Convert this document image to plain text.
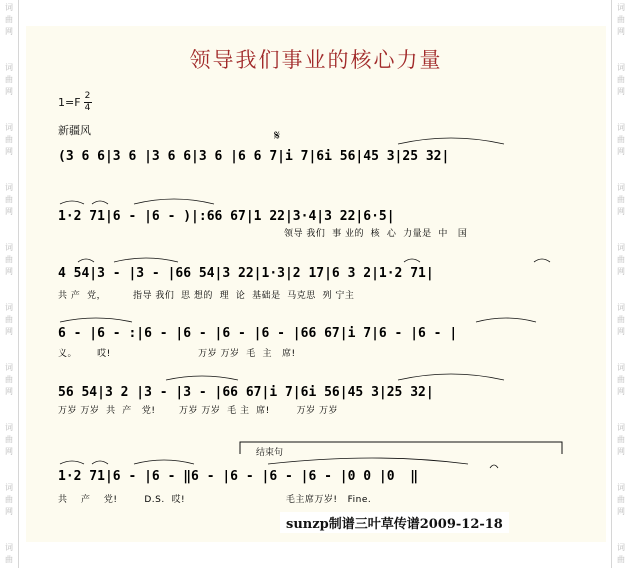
词
曲
网
词
曲
网
词
曲
网
词
曲
网
词
曲
网
词
曲
网
词
曲
网
词
曲
网
词
曲
网
词
曲
词
曲
网
词
曲
网
词
曲
网
词
曲
网
词
曲
网
词
曲
网
词
曲
网
词
曲
网
词
曲
网
词
曲
领导我们事业的核心力量
$1=F \frac{2}{4}$
新疆风	𝄋
(3 6 6|3 6 |3 6 6|3 6 |6 6 7|i 7|6i 56|45 3|25 32|
1·2 71|6 - |6 - )|:66 67|1 22|3·4|3 22|6·5|
领导 我们  事 业的  核  心  力量是  中   国
4 54|3 - |3 - |66 54|3 22|1·3|2 17|6 3 2|1·2 71|
共 产  党，        指导 我们  思 想的  理  论  基础是  马克思  列 宁主
6 - |6 - :|6 - |6 - |6 - |6 - |66 67|i 7|6 - |6 - |
义。      哎!                          万岁 万岁  毛  主   席!
56 54|3 2 |3 - |3 - |66 67|i 7|6i 56|45 3|25 32|
万岁 万岁  共  产   党!       万岁 万岁  毛 主  席!        万岁 万岁
结束句
1·2 71|6 - |6 - ‖6 - |6 - |6 - |6 - |0 0 |0  ‖
共    产    党!        D.S.  哎!                              毛主席万岁!   Fine.
sunzp制谱三叶草传谱2009-12-18
